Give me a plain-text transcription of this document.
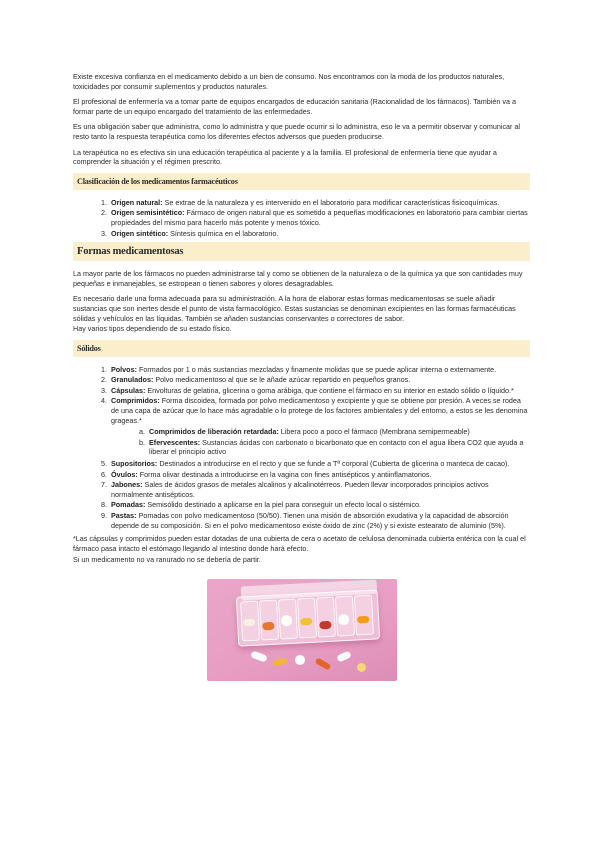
Existe excesiva confianza en el medicamento debido a un bien de consumo. Nos encontramos con la moda de los productos naturales, toxicidades por consumir suplementos y productos naturales.

El profesional de enfermería va a tomar parte de equipos encargados de educación sanitaria (Racionalidad de los fármacos). También va a formar parte de un equipo encargado del tratamiento de las enfermedades.

Es una obligación saber que administra, como lo administra y que puede ocurrir si lo administra, eso le va a permitir observar y comunicar al resto tanto la respuesta terapéutica como los diferentes efectos adversos que pueden producirse.

La terapéutica no es efectiva sin una educación terapéutica al paciente y a la familia. El profesional de enfermería tiene que ayudar a comprender la situación y el régimen prescrito.

Clasificación de los medicamentos farmacéuticos
1. Origen natural: Se extrae de la naturaleza y es intervenido en el laboratorio para modificar características fisicoquímicas.
2. Origen semisintético: Fármaco de origen natural que es sometido a pequeñas modificaciones en laboratorio para cambiar ciertas propiedades del mismo para hacerlo más potente y menos tóxico.
3. Origen sintético: Síntesis química en el laboratorio.
Formas medicamentosas

La mayor parte de los fármacos no pueden administrarse tal y como se obtienen de la naturaleza o de la química ya que son cantidades muy pequeñas e inmanejables, se estropean o tienen sabores y olores desagradables.

Es necesario darle una forma adecuada para su administración. A la hora de elaborar estas formas medicamentosas se suele añadir sustancias que son inertes desde el punto de vista farmacológico. Estas sustancias se denominan excipientes en las formas farmacéuticas sólidas y vehículos en las líquidas. También se añaden sustancias conservantes o correctores de sabor.

Hay varios tipos dependiendo de su estado físico.

Sólidos
1. Polvos: Formados por 1 o más sustancias mezcladas y finamente molidas que se puede aplicar interna o externamente.
2. Granulados: Polvo medicamentoso al que se le añade azúcar repartido en pequeños granos.
3. Cápsulas: Envolturas de gelatina, glicerina o goma arábiga, que contiene el fármaco en su interior en estado sólido o líquido.*
4. Comprimidos: Forma discoidea, formada por polvo medicamentoso y excipiente y que se obtiene por presión. A veces se rodea de una capa de azúcar que lo hace más agradable o lo protege de los factores ambientales y del entorno, a estos se les denomina grageas.*
a. Comprimidos de liberación retardada: Libera poco a poco el fármaco (Membrana semipermeable)
b. Efervescentes: Sustancias ácidas con carbonato o bicarbonato que en contacto con el agua libera CO2 que ayuda a liberar el principio activo
5. Supositorios: Destinados a introducirse en el recto y que se funde a Tª corporal (Cubierta de glicerina o manteca de cacao).
6. Óvulos: Forma olivar destinada a introducirse en la vagina con fines antisépticos y antiinflamatorios.
7. Jabones: Sales de ácidos grasos de metales alcalinos y alcalinotérreos. Pueden llevar incorporados principios activos normalmente antisépticos.
8. Pomadas: Semisólido destinado a aplicarse en la piel para conseguir un efecto local o sistémico.
9. Pastas: Pomadas con polvo medicamentoso (50/50). Tienen una misión de absorción exudativa y la capacidad de absorción depende de su composición. Si en el polvo medicamentoso existe óxido de zinc (2%) y si existe estearato de aluminio (5%).

*Las cápsulas y comprimidos pueden estar dotadas de una cubierta de cera o acetato de celulosa denominada cubierta entérica con la cual el fármaco pasa intacto el estómago llegando al intestino donde hará efecto.

Si un medicamento no va ranurado no se debería de partir.
